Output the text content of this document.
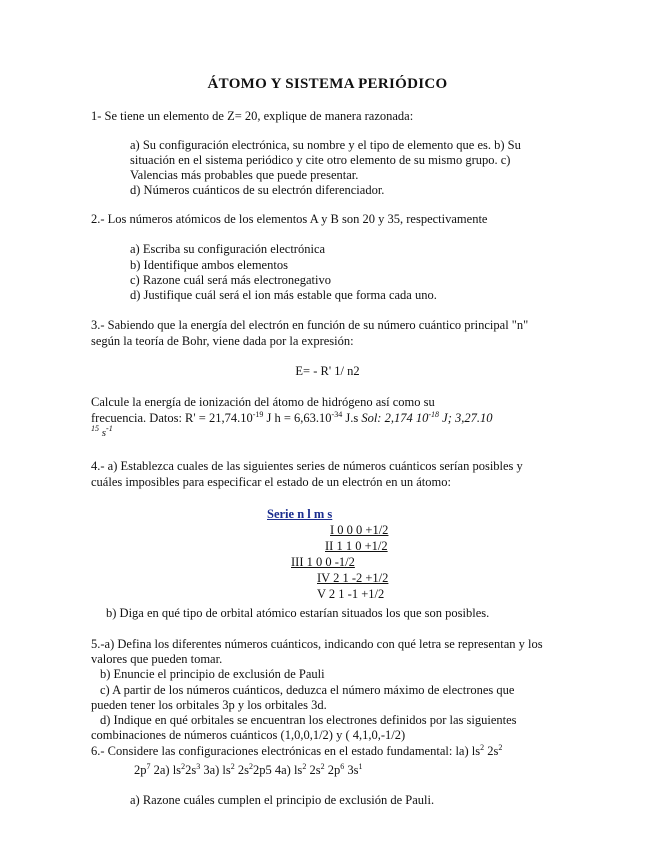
ÁTOMO Y SISTEMA PERIÓDICO
1- Se tiene un elemento de Z= 20, explique de manera razonada:
a) Su configuración electrónica, su nombre y el tipo de elemento que es. b) Su
situación en el sistema periódico y cite otro elemento de su mismo grupo. c)
Valencias más probables que puede presentar.
d) Números cuánticos de su electrón diferenciador.
2.- Los números atómicos de los elementos A y B son 20 y 35, respectivamente
a) Escriba su configuración electrónica
b) Identifique ambos elementos
c) Razone cuál será más electronegativo
d) Justifique cuál será el ion más estable que forma cada uno.
3.- Sabiendo que la energía del electrón en función de su número cuántico principal "n"
según la teoría de Bohr, viene dada por la expresión:
E= - R' 1/ n2
Calcule la energía de ionización del átomo de hidrógeno así como su
frecuencia. Datos: $R' = 21,74.10^{-19}$ J $h = 6,63.10^{-34}$ J.s Sol: 2,174 $10^{-18}$ J; 3,27.10
$^{15}$ $s^{-1}$
4.- a) Establezca cuales de las siguientes series de números cuánticos serían posibles y
cuáles imposibles para especificar el estado de un electrón en un átomo:
Serie n l m s
I 0 0 0 +1/2
II 1 1 0 +1/2
III 1 0 0 -1/2
IV 2 1 -2 +1/2
V 2 1 -1 +1/2
b) Diga en qué tipo de orbital atómico estarían situados los que son posibles.
5.-a) Defina los diferentes números cuánticos, indicando con qué letra se representan y los
valores que pueden tomar.
b) Enuncie el principio de exclusión de Pauli
c) A partir de los números cuánticos, deduzca el número máximo de electrones que
pueden tener los orbitales 3p y los orbitales 3d.
d) Indique en qué orbitales se encuentran los electrones definidos por las siguientes
combinaciones de números cuánticos (1,0,0,1/2) y ( 4,1,0,-1/2)
6.- Considere las configuraciones electrónicas en el estado fundamental: la) $ls^2$ $2s^2$
$2p^7$ 2a) $ls^22s^3$ 3a) $ls^2$ $2s^22p5$ 4a) $ls^2$ $2s^2$ $2p^6$ $3s^1$
a) Razone cuáles cumplen el principio de exclusión de Pauli.
